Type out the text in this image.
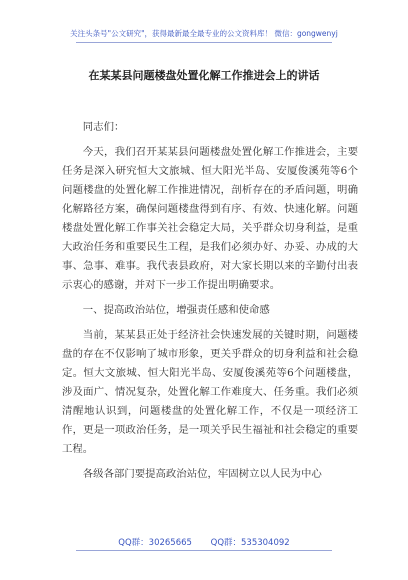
关注头条号"公文研究"，获得最新最全最专业的公文资料库！ 微信：gongwenyj
在某某县问题楼盘处置化解工作推进会上的讲话

同志们：

今天，我们召开某某县问题楼盘处置化解工作推进会，主要任务是深入研究恒大文旅城、恒大阳光半岛、安厦俊溪苑等6个问题楼盘的处置化解工作推进情况，剖析存在的矛盾问题，明确化解路径方案，确保问题楼盘得到有序、有效、快速化解。问题楼盘处置化解工作事关社会稳定大局，关乎群众切身利益，是重大政治任务和重要民生工程，是我们必须办好、办妥、办成的大事、急事、难事。我代表县政府，对大家长期以来的辛勤付出表示衷心的感谢，并对下一步工作提出明确要求。

一、提高政治站位，增强责任感和使命感

当前，某某县正处于经济社会快速发展的关键时期，问题楼盘的存在不仅影响了城市形象，更关乎群众的切身利益和社会稳定。恒大文旅城、恒大阳光半岛、安厦俊溪苑等6个问题楼盘，涉及面广、情况复杂，处置化解工作难度大、任务重。我们必须清醒地认识到，问题楼盘的处置化解工作，不仅是一项经济工作，更是一项政治任务，是一项关乎民生福祉和社会稳定的重要工程。

各级各部门要提高政治站位，牢固树立以人民为中心

QQ群：30265665 QQ群：535304092
